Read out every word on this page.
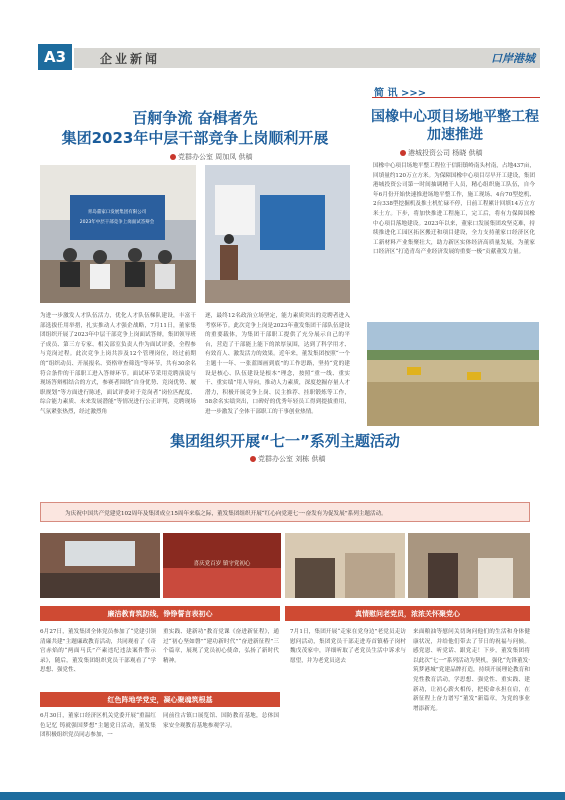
A3	企业新闻	口岸港城
百舸争流 奋楫者先
集团2023年中层干部竞争上岗顺利开展
党群办公室 周加凤 供稿
青岛董家口发展集团有限公司
2023年中层干部竞争上岗面试答辩会
为进一步激发人才队伍活力，优化人才队伍梯队建设，丰富干部选拔任用举措，扎实推动人才强企战略，7月11日，董家集团组织开展了2023年中层干部竞争上岗面试答辩，集团领导班子成员、第三方专家、相关部室负责人作为面试评委，全程参与竞岗过程。此次竞争上岗共涉及12个管理岗位，经过前期的“组织动员、开展报名、资格审查筛选”等环节，共有30余名符合条件的干部职工进入答辩环节。面试环节采用竞聘演说与现场答辩相结合的方式，参赛者围绕“自身优势、竞岗优势、履职规划”等方面进行陈述，面试评委对于竞岗者“岗位匹配度、综合能力素质、未来发展潜能”等情况进行公正评判，竞聘现场气氛紧张热烈，经过激烈角
逐，最终12名政治立场坚定，能力素质突出的竞聘者进入考察环节。此次竞争上岗是2023年董发集团干部队伍建设的重要载体，为集团干部职工提供了充分展示自己的平台，营造了干部能上能下的浓厚氛围，达到了科学用才、有效育人、激发活力的效果。近年来，董发集团按照“一个主题十一年、一张蓝图画到底”的工作思路，坚持“党的建设是核心、队伍建设是根本”理念，按照“重一线、重实干、重实绩”用人导向，推动人力素质，深度挖掘存量人才潜力，积极开展竞争上岗、民主推荐、挂职锻炼等工作，58余名实绩突出，口碑好的优秀年轻员工得到提拔重用，进一步激发了全体干部职工的干事创业热情。
简 讯 >>>
国橡中心项目场地平整工程
加速推进
港城投资公司 杨晓 供稿
国橡中心项目场地平整工程位于信阳镇岭南头村南，占地437亩，回填量约120万立方米。为保障国橡中心项目尽早开工建设，集团港城投资公司第一时间抽调精干人员，精心组织施工队伍，自今年6月份开始快速推进场地平整工作，施工现场、4台70型挖机、2台338型挖掘机及推土机忙碌不停，日前工程累计回填14万立方米土方。下步，将加快推进工程施工，完工后，将有力保障国橡中心项目落地建设。2023年以来，董家口发展集团攻坚克难，持续推进化工园区拓区搬迁和项目建设，全力支持董家口经济区化工新材料产业集聚壮大，助力新区实体经济高质量发展，为董家口经济区“打造青岛产业经济发展的重要一极”贡献董发力量。
集团组织开展“七一”系列主题活动
党群办公室 刘栋 供稿
为庆祝中国共产党建党102周年及集团成立15周年来临之际，董发集团组织开展“红心向党迎七一·奋发有为促发展”系列主题活动。
喜庆党百岁 镇守党初心
廉洁教育筑防线，铮铮誓言表初心	真情慰问老党员，浓浓关怀聚党心
6月27日，董发集团全体党员参加了“党建引领 清廉共建”主题廉政教育活动，共同观看了《奇官赤焰的“两面马氏”产素违纪违法案件警示录》，随后，董发集团组织党员干部观看了“学思想、强党性、
重实践、建新功”教育党课《奋进新征程》，通过“初心坚如磐”“建功新时代”“奋进新征程”三个篇章，展现了党员初心使命，弘扬了新时代精神。
红色阵地学党史，凝心聚魂筑根基
6月30日，董家口经济区机关党委开展“重温红色记忆 铸就强国梦想”主题党日活动，董发集团积极组织党员同志参加，一
同前往古镇口展览馆、国防教育基地，总体国家安全观教育基地参观学习。
7月1日，集团开展“走家在党身边”老党员走访慰问活动，集团党员干部走进寿首镇椿子岗村魏戊茂家中，详细听取了老党员生活中诉求与愿望，并为老党员送去
来面粮油等慰问关切询问他们的生活和身体健康状况，并给他们带去了节日的祝福与问候。感党恩、听党话、跟党走！下步，董发集团将以此次“七一”系列活动为契机，强化“先锋董发·筑梦港城”党建品牌打造，持续开展理论教育和党性教育活动，学思想、强党性、重实践、建新功，让初心薪火相传，把使命永担在肩，在新征程上奋力谱写“董发”新篇章，为党的事业增添新光。
